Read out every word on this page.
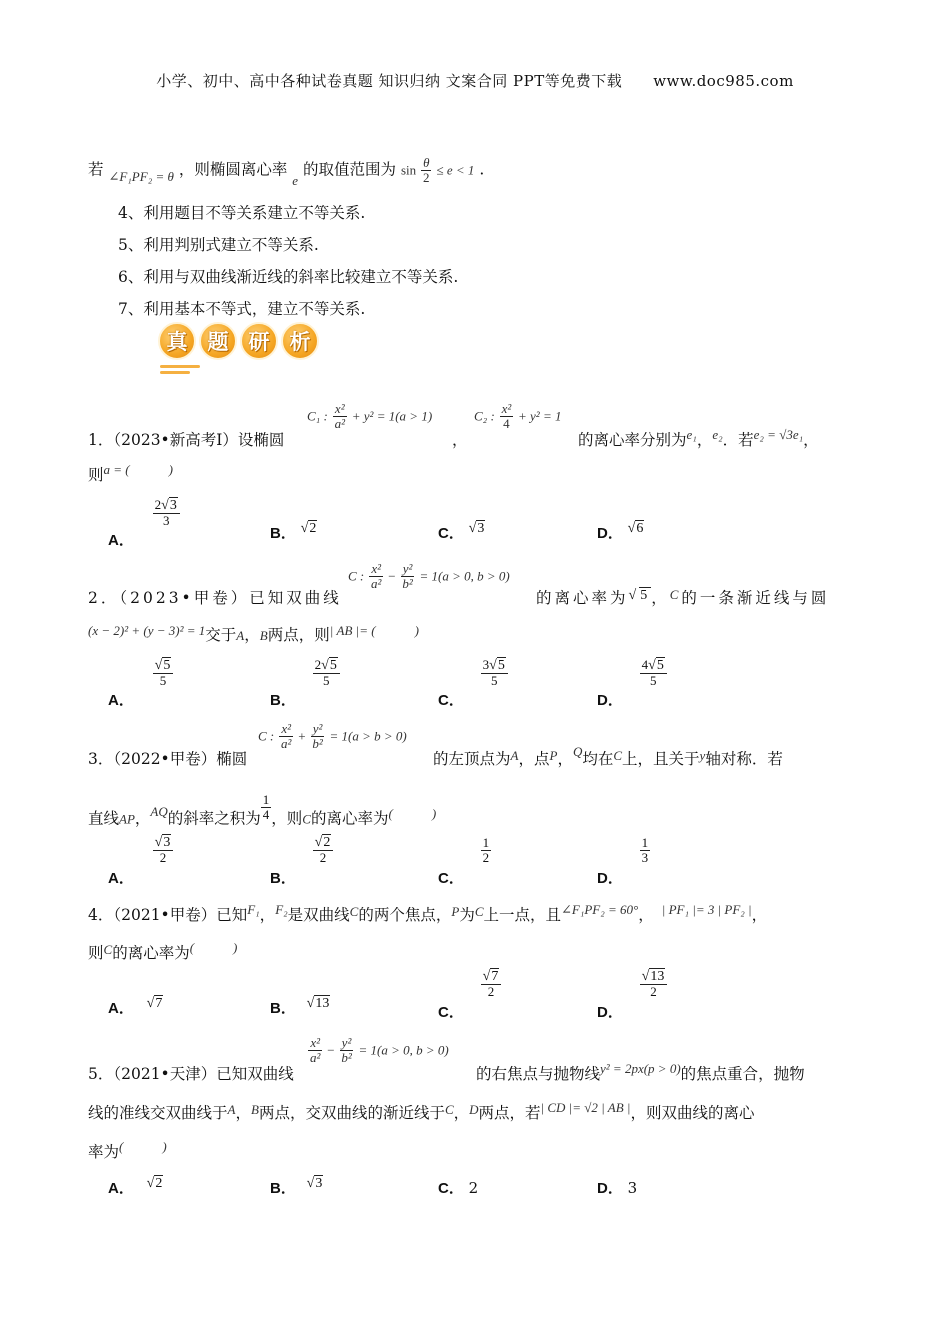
小学、初中、高中各种试卷真题 知识归纳 文案合同 PPT等免费下载　　www.doc985.com
若 $_{\angle F_1PF_2 = \theta}$ ，则椭圆离心率 $_e$ 的取值范围为 $\sin \frac{\theta}{2} \le e < 1$ .
4、利用题目不等关系建立不等关系.
5、利用判别式建立不等关系.
6、利用与双曲线渐近线的斜率比较建立不等关系.
7、利用基本不等式，建立不等关系.
真 题 研 析
1．（2023•新高考Ⅰ）设椭圆
C₁ : $\frac{\text{x²}}{\text{a²}} + y^2 = 1(a > 1)$
，
C₂ : $\frac{\text{x²}}{4} + y^2 = 1$
的离心率分别为$^{e_1}$，$^{e_2}$．若$^{e_2 = √3e_1}$，
则$^{a = ( )}$
A．
$\frac{2√3}{3}$
B． √2	C． √3	D． √6
2．（2023•甲卷）已知双曲线
C : $\frac{\text{x²}}{\text{a²}} - \frac{\text{y²}}{\text{b²}} = 1(a > 0$, b > 0)
的离心率为√5，$^C$的一条渐近线与圆
$^{(x - 2)^2 + (y - 3)^2 = 1}$交于A，B两点，则$^{| AB |= ( )}$
A．
$\frac{√5}{5}$
B．
$\frac{2√5}{5}$
C．
$\frac{3√5}{5}$
D．
$\frac{4√5}{5}$
3．（2022•甲卷）椭圆
C : $\frac{\text{x²}}{\text{a²}} + \frac{\text{y²}}{\text{b²}} = 1(a > b > 0)$
的左顶点为$^A$，点$^P$，$^Q$均在$^C$上，且关于$^y$轴对称．若
直线AP，$^{AQ}$的斜率之积为 $\frac{1}{4}$ ，则C的离心率为(　　　)
A．
$\frac{√3}{2}$
B．
$\frac{√2}{2}$
C．
$\frac{1}{2}$
D．
$\frac{1}{3}$
4．（2021•甲卷）已知$^{F_1}$，$^{F_2}$是双曲线$^C$的两个焦点，$^P$为$^C$上一点，且$^{\angle F_1PF_2 = 60^\circ}$， $^{| PF_1 |= 3 | PF_2 |}$，
则$^C$的离心率为(　　　)
A． √7	B． √13	C．
$\frac{√7}{2}$
D．
$\frac{√13}{2}$
5．（2021•天津）已知双曲线
$\frac{\text{x²}}{\text{a²}} - \frac{\text{y²}}{\text{b²}} = 1(a > 0$, b > 0)
的右焦点与抛物线$^{y^2 = 2px(p > 0)}$的焦点重合，抛物
线的准线交双曲线于$^A$，$^B$两点，交双曲线的渐近线于$^C$，$^D$两点，若$^{| CD |= √2 | AB |}$，则双曲线的离心
率为(　　　)
A． √2	B． √3	C． 2	D． 3
